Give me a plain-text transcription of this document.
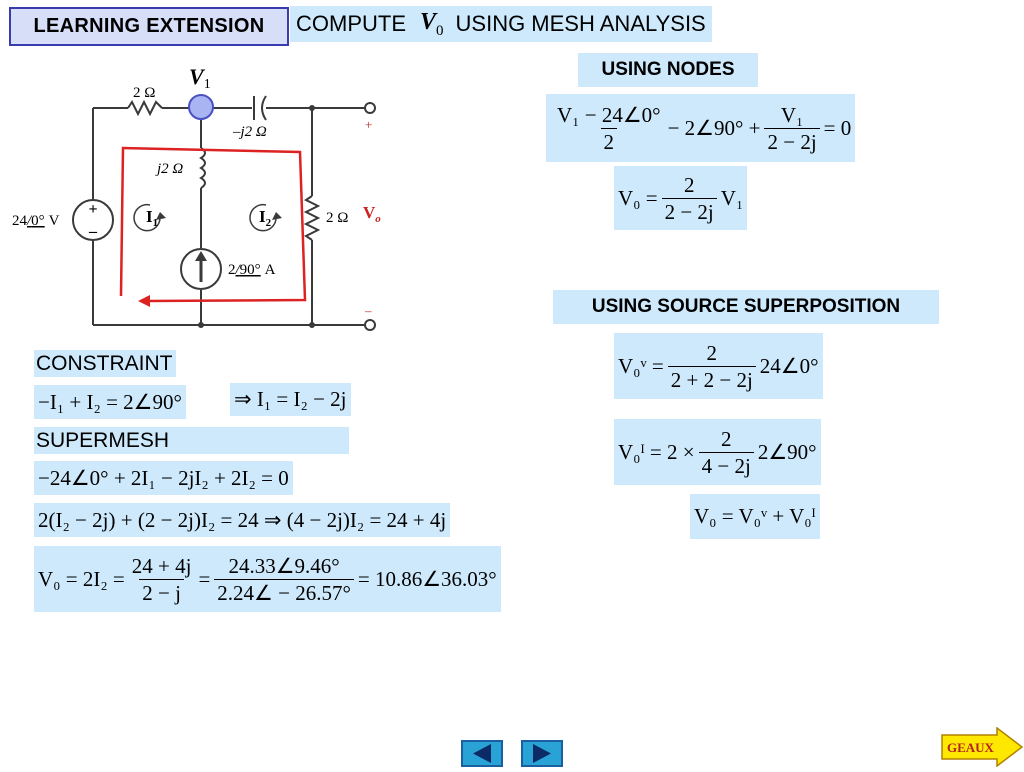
LEARNING EXTENSION	COMPUTE $V_0$ USING MESH ANALYSIS
+
–
$I_1$	$I_2$
V1
2 Ω
–j2 Ω
j2 Ω
2 Ω
24/0° V
2/90° A
$V_o$
+
–
CONSTRAINT
−I₁ + I₂ = 2∠90° ⇒ I₁ = I₂ − 2j
SUPERMESH
−24∠0° + 2I₁ − 2jI₂ + 2I₂ = 0
2(I₂ − 2j) + (2 − 2j)I₂ = 24 ⇒ (4 − 2j)I₂ = 24 + 4j
$V_0 = 2I_2 = \frac{24 + 4j}{2 - j} = \frac{24.33\angle 9.46^\circ}{2.24\angle - 26.57^\circ}$ = 10.86∠36.03°
USING NODES
$\frac{\text{V₁ − 24∠0°}}{2}$ − 2∠90° + $\frac{\text{V₁}}{2 - 2j} = 0$
$V_0 = \frac{2}{2 - 2j} V_1$
USING SOURCE SUPERPOSITION
V₀ᵛ = $\frac{2}{2 + 2 - 2j}$ 24∠0°
V₀ᴵ = $2 \times \frac{2}{4 - 2j}$ 2∠90°
V₀ = V₀ᵛ + V₀ᴵ
GEAUX
